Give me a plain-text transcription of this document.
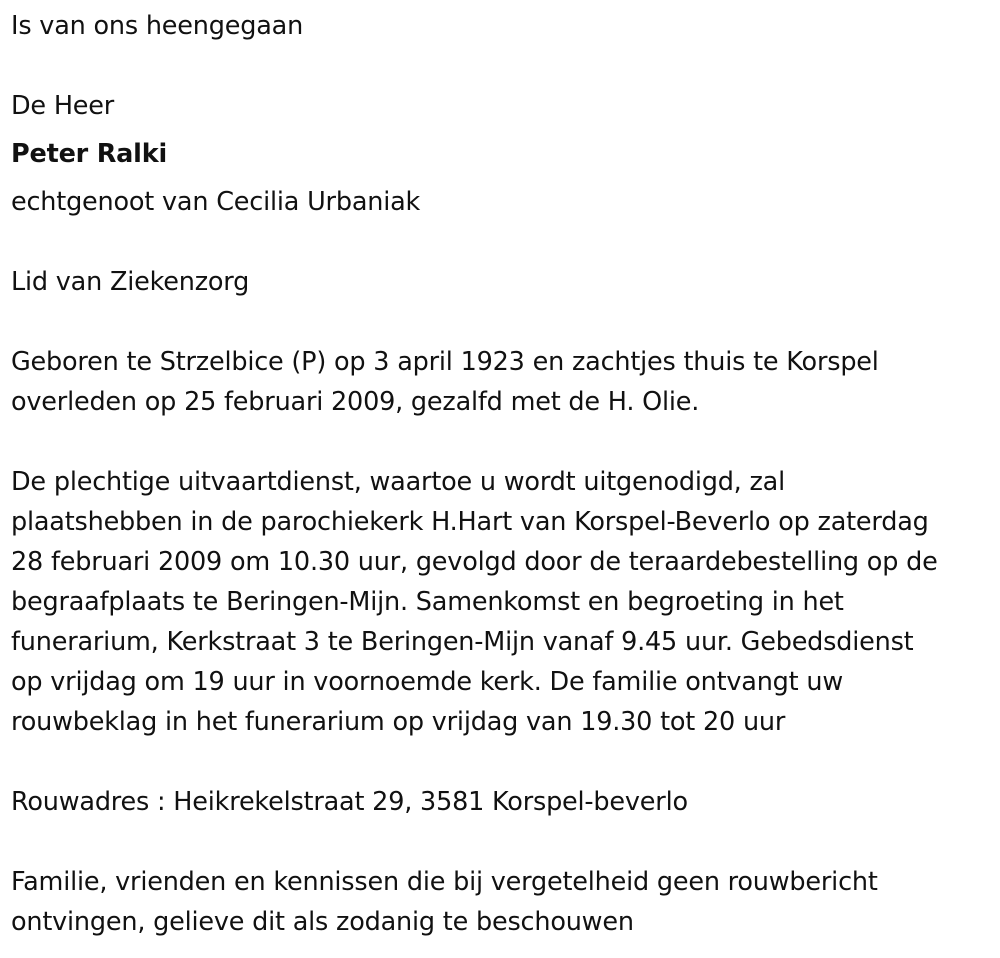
Is van ons heengegaan
De Heer
Peter Ralki
echtgenoot van Cecilia Urbaniak
Lid van Ziekenzorg
Geboren te Strzelbice (P) op 3 april 1923 en zachtjes thuis te Korspel
overleden op 25 februari 2009, gezalfd met de H. Olie.
De plechtige uitvaartdienst, waartoe u wordt uitgenodigd, zal
plaatshebben in de parochiekerk H.Hart van Korspel-Beverlo op zaterdag
28 februari 2009 om 10.30 uur, gevolgd door de teraardebestelling op de
begraafplaats te Beringen-Mijn. Samenkomst en begroeting in het
funerarium, Kerkstraat 3 te Beringen-Mijn vanaf 9.45 uur. Gebedsdienst
op vrijdag om 19 uur in voornoemde kerk. De familie ontvangt uw
rouwbeklag in het funerarium op vrijdag van 19.30 tot 20 uur
Rouwadres : Heikrekelstraat 29, 3581 Korspel-beverlo
Familie, vrienden en kennissen die bij vergetelheid geen rouwbericht
ontvingen, gelieve dit als zodanig te beschouwen
